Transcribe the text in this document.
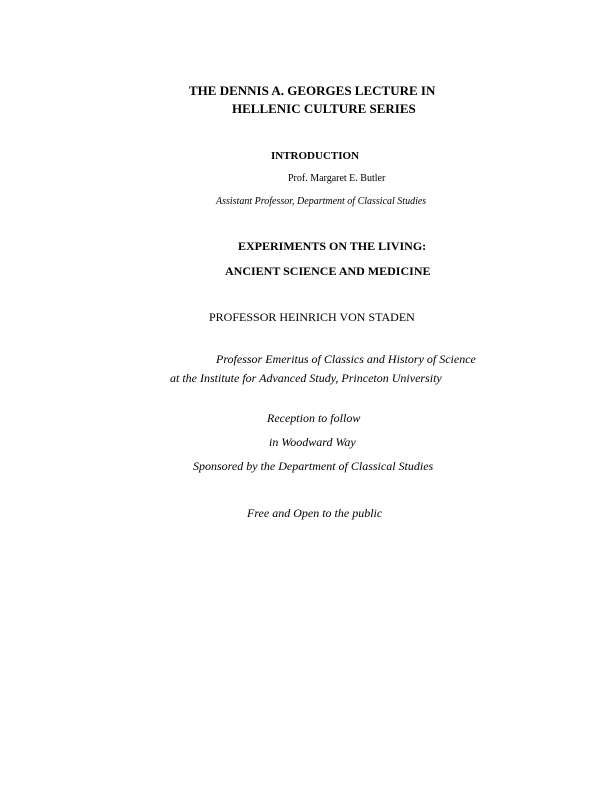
THE DENNIS A. GEORGES LECTURE IN
HELLENIC CULTURE SERIES
INTRODUCTION
Prof. Margaret E. Butler
Assistant Professor, Department of Classical Studies
EXPERIMENTS ON THE LIVING:
ANCIENT SCIENCE AND MEDICINE
PROFESSOR HEINRICH VON STADEN
Professor Emeritus of Classics and History of Science
at the Institute for Advanced Study, Princeton University
Reception to follow
in Woodward Way
Sponsored by the Department of Classical Studies
Free and Open to the public
